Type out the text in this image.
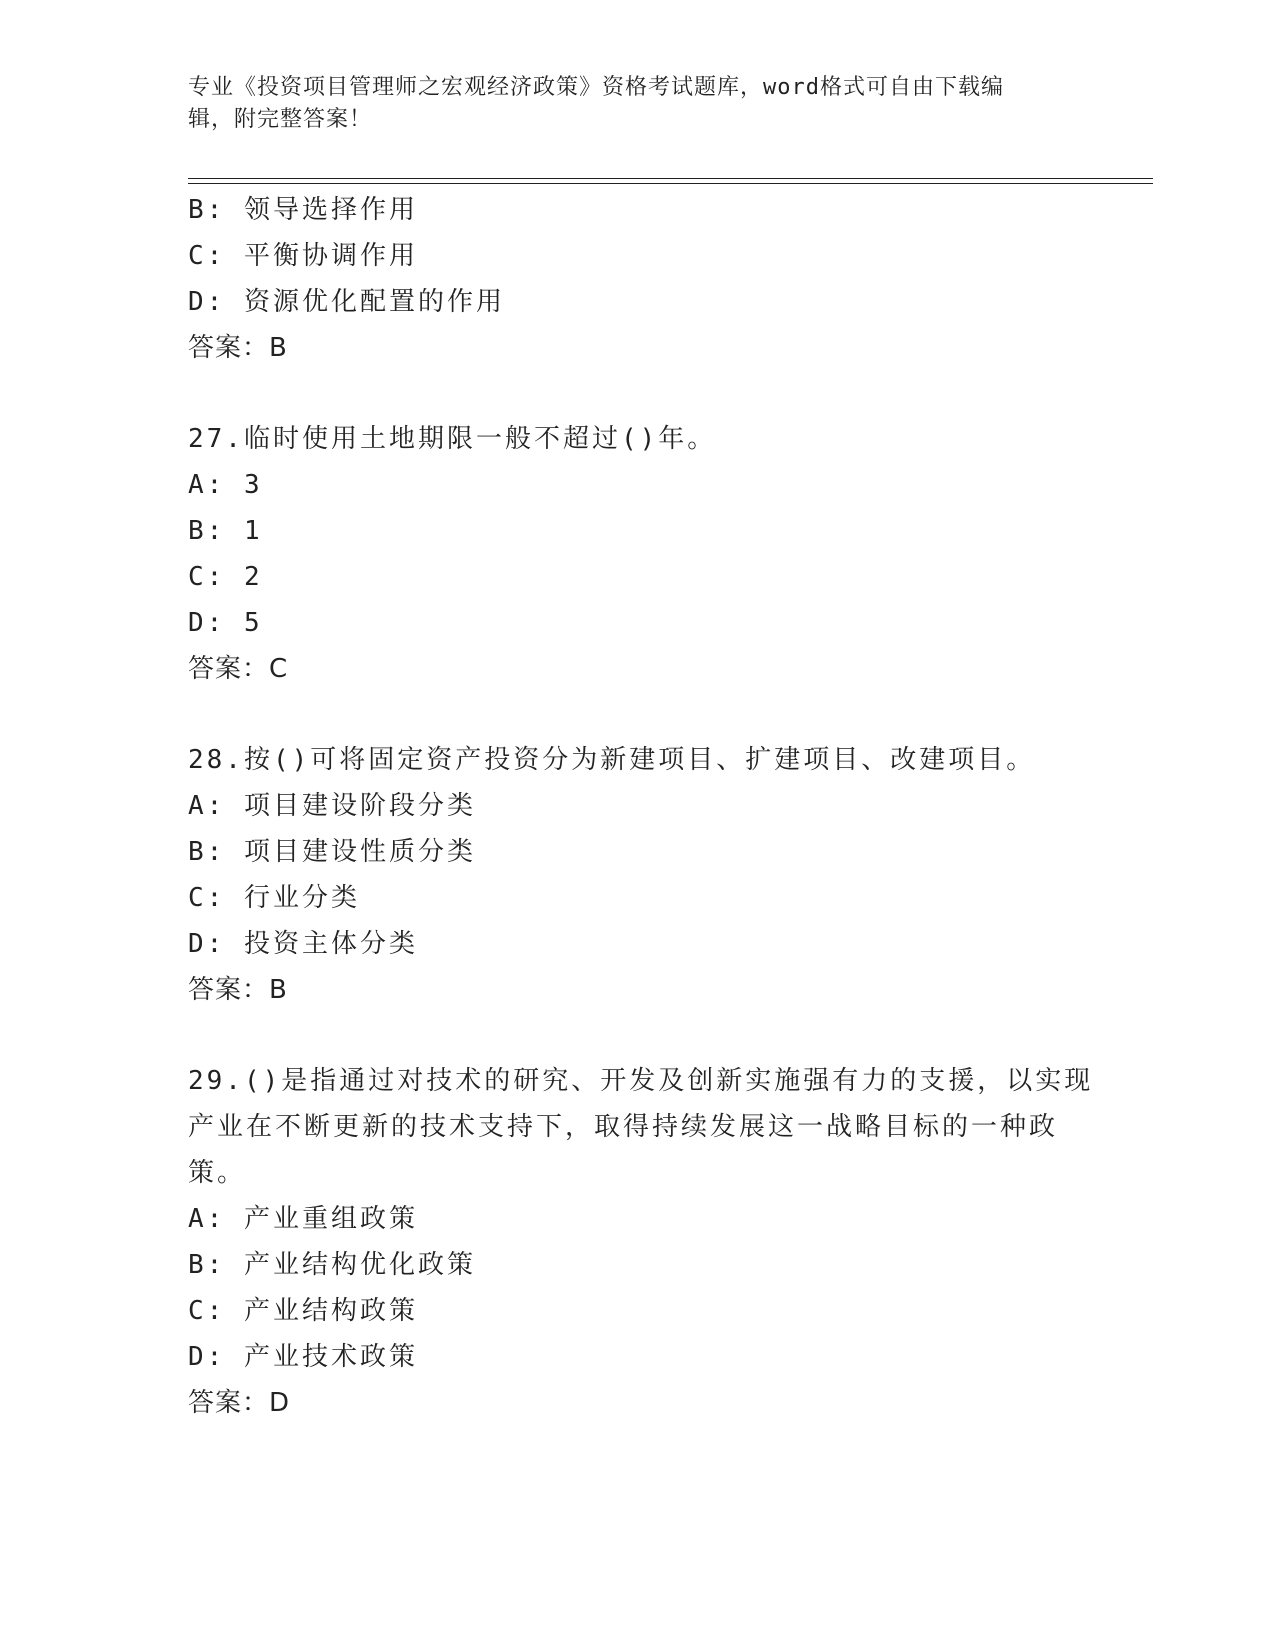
专业《投资项目管理师之宏观经济政策》资格考试题库，word格式可自由下载编
辑，附完整答案！
B: 领导选择作用
C: 平衡协调作用
D: 资源优化配置的作用
答案：B
27.临时使用土地期限一般不超过()年。
A: 3
B: 1
C: 2
D: 5
答案：C
28.按()可将固定资产投资分为新建项目、扩建项目、改建项目。
A: 项目建设阶段分类
B: 项目建设性质分类
C: 行业分类
D: 投资主体分类
答案：B
29.()是指通过对技术的研究、开发及创新实施强有力的支援，以实现
产业在不断更新的技术支持下，取得持续发展这一战略目标的一种政
策。
A: 产业重组政策
B: 产业结构优化政策
C: 产业结构政策
D: 产业技术政策
答案：D
